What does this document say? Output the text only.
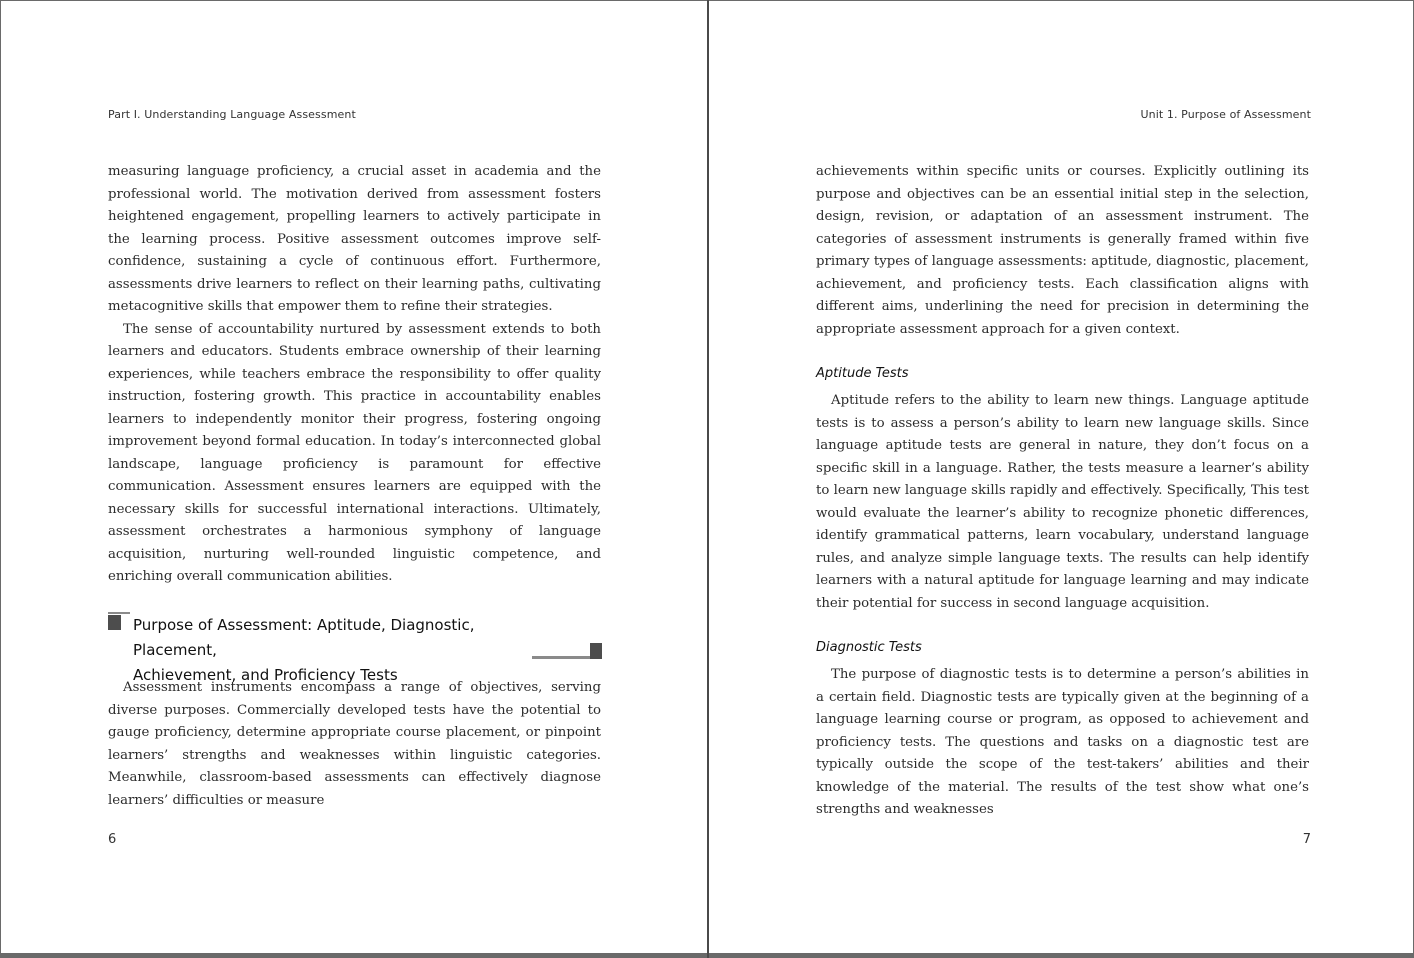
Part I. Understanding Language Assessment

measuring language proficiency, a crucial asset in academia and the professional world. The motivation derived from assessment fosters heightened engagement, propelling learners to actively participate in the learning process. Positive assessment outcomes improve self-confidence, sustaining a cycle of continuous effort. Furthermore, assessments drive learners to reflect on their learning paths, cultivating metacognitive skills that empower them to refine their strategies.

The sense of accountability nurtured by assessment extends to both learners and educators. Students embrace ownership of their learning experiences, while teachers embrace the responsibility to offer quality instruction, fostering growth. This practice in accountability enables learners to independently monitor their progress, fostering ongoing improvement beyond formal education. In today’s interconnected global landscape, language proficiency is paramount for effective communication. Assessment ensures learners are equipped with the necessary skills for successful international interactions. Ultimately, assessment orchestrates a harmonious symphony of language acquisition, nurturing well-rounded linguistic competence, and enriching overall communication abilities.

Purpose of Assessment: Aptitude, Diagnostic, Placement,
Achievement, and Proficiency Tests

Assessment instruments encompass a range of objectives, serving diverse purposes. Commercially developed tests have the potential to gauge proficiency, determine appropriate course placement, or pinpoint learners’ strengths and weaknesses within linguistic categories. Meanwhile, classroom-based assessments can effectively diagnose learners’ difficulties or measure

6
Unit 1. Purpose of Assessment

achievements within specific units or courses. Explicitly outlining its purpose and objectives can be an essential initial step in the selection, design, revision, or adaptation of an assessment instrument. The categories of assessment instruments is generally framed within five primary types of language assessments: aptitude, diagnostic, placement, achievement, and proficiency tests. Each classification aligns with different aims, underlining the need for precision in determining the appropriate assessment approach for a given context.

Aptitude Tests

Aptitude refers to the ability to learn new things. Language aptitude tests is to assess a person’s ability to learn new language skills. Since language aptitude tests are general in nature, they don’t focus on a specific skill in a language. Rather, the tests measure a learner’s ability to learn new language skills rapidly and effectively. Specifically, This test would evaluate the learner’s ability to recognize phonetic differences, identify grammatical patterns, learn vocabulary, understand language rules, and analyze simple language texts. The results can help identify learners with a natural aptitude for language learning and may indicate their potential for success in second language acquisition.

Diagnostic Tests

The purpose of diagnostic tests is to determine a person’s abilities in a certain field. Diagnostic tests are typically given at the beginning of a language learning course or program, as opposed to achievement and proficiency tests. The questions and tasks on a diagnostic test are typically outside the scope of the test-takers’ abilities and their knowledge of the material. The results of the test show what one’s strengths and weaknesses

7
